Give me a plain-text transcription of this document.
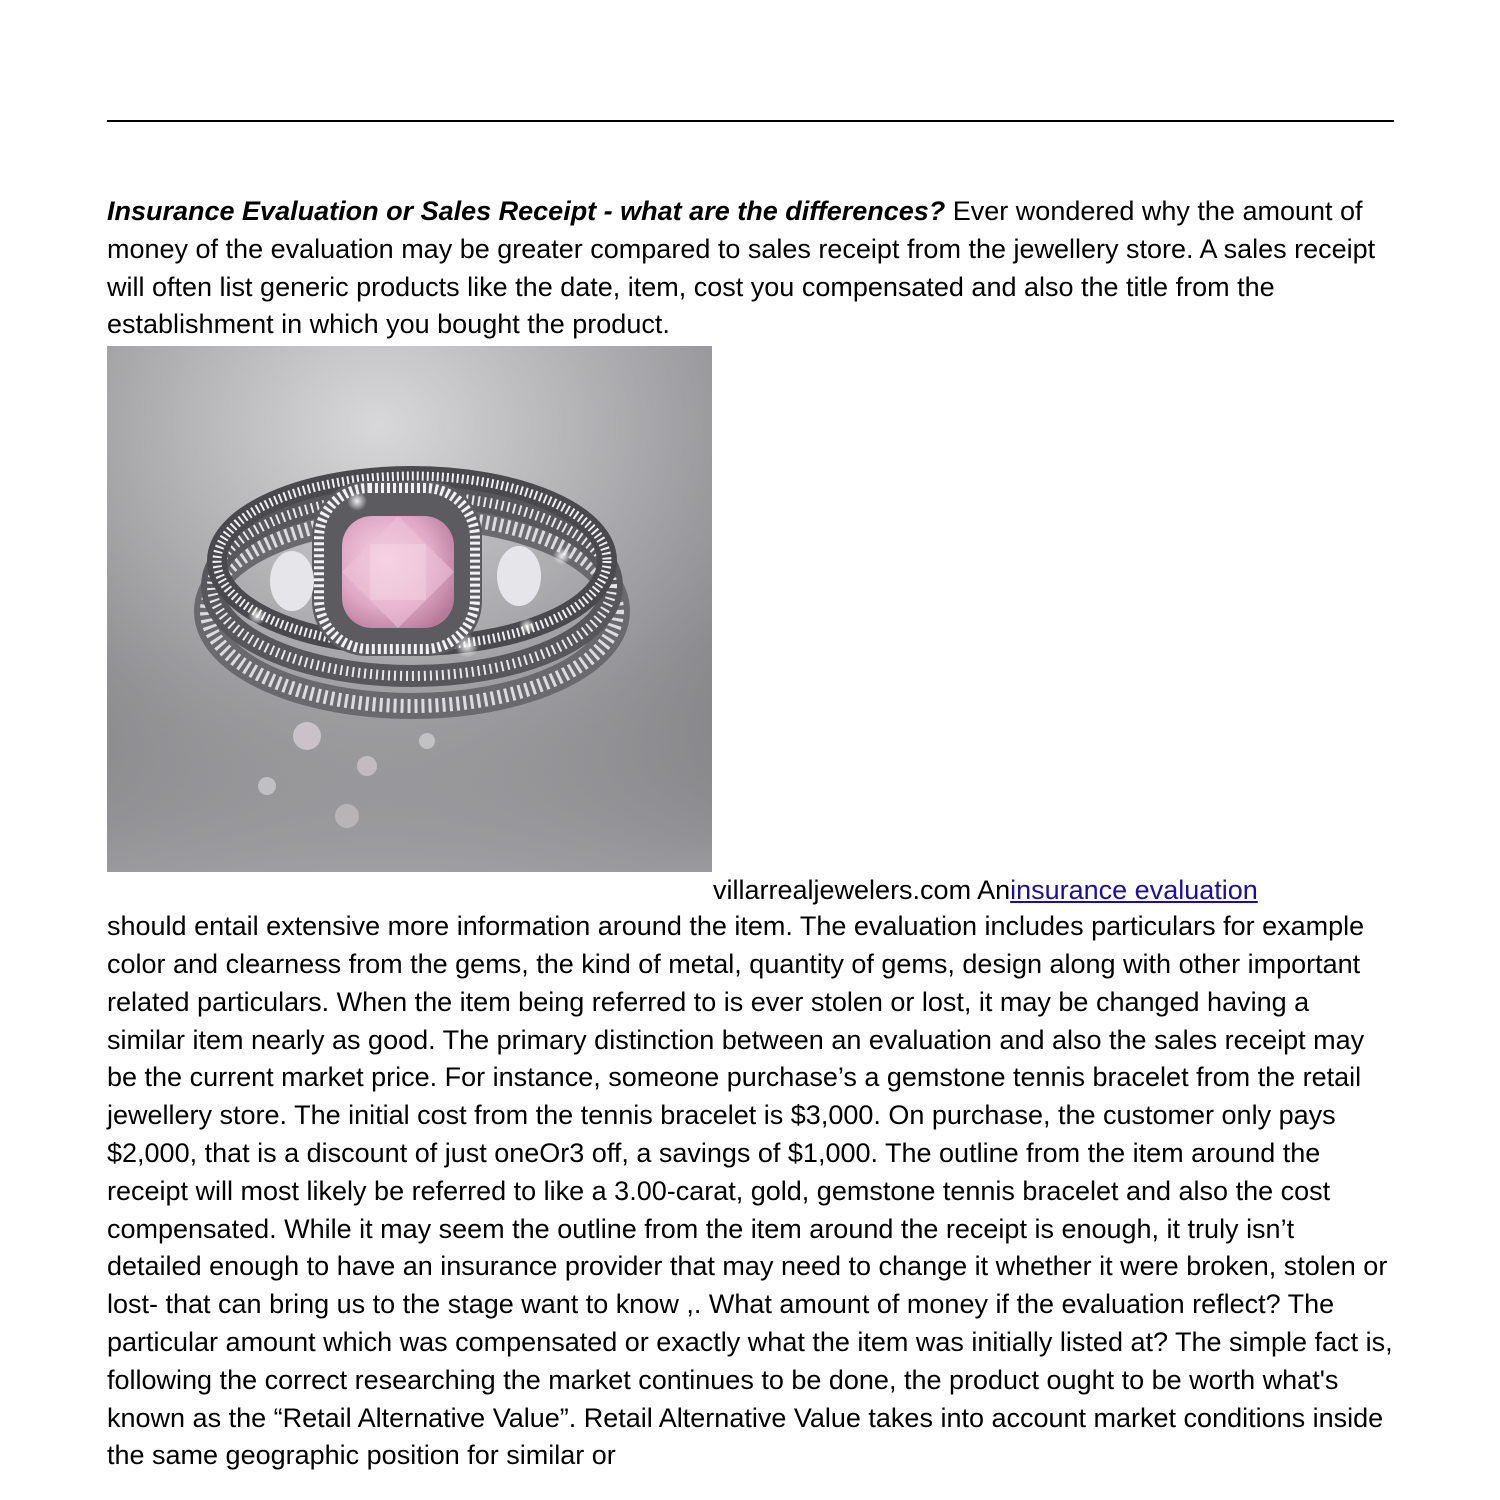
Insurance Evaluation or Sales Receipt - what are the differences? Ever wondered why the amount of money of the evaluation may be greater compared to sales receipt from the jewellery store. A sales receipt will often list generic products like the date, item, cost you compensated and also the title from the establishment in which you bought the product.

villarrealjewelers.com Aninsurance evaluation

should entail extensive more information around the item. The evaluation includes particulars for example color and clearness from the gems, the kind of metal, quantity of gems, design along with other important related particulars. When the item being referred to is ever stolen or lost, it may be changed having a similar item nearly as good. The primary distinction between an evaluation and also the sales receipt may be the current market price. For instance, someone purchase’s a gemstone tennis bracelet from the retail jewellery store. The initial cost from the tennis bracelet is $3,000. On purchase, the customer only pays $2,000, that is a discount of just oneOr3 off, a savings of $1,000. The outline from the item around the receipt will most likely be referred to like a 3.00-carat, gold, gemstone tennis bracelet and also the cost compensated. While it may seem the outline from the item around the receipt is enough, it truly isn’t detailed enough to have an insurance provider that may need to change it whether it were broken, stolen or lost- that can bring us to the stage want to know ,. What amount of money if the evaluation reflect? The particular amount which was compensated or exactly what the item was initially listed at? The simple fact is, following the correct researching the market continues to be done, the product ought to be worth what's known as the “Retail Alternative Value”. Retail Alternative Value takes into account market conditions inside the same geographic position for similar or
